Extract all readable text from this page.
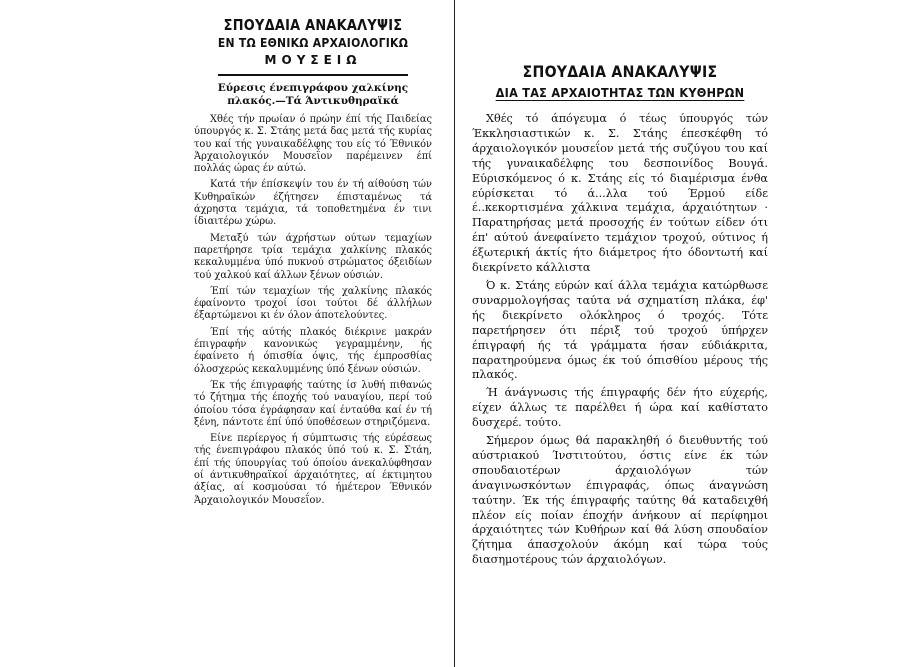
ΣΠΟΥΔΑΙΑ ΑΝΑΚΑΛΥΨΙΣ
ΕΝ ΤΩ ΕΘΝΙΚΩ ΑΡΧΑΙΟΛΟΓΙΚΩ
ΜΟΥΣΕΙΩ
Εύρεσις ένεπιγράφου χαλκίνης πλακός.—Τά Άντικυθηραϊκά

Χθές τήν πρωίαν ό πρώην έπί τής Παιδείας ύπουργός κ. Σ. Στάης μετά δας μετά τής κυρίας του καί τής γυναικαδέλφης του είς τό Έθνικόν Άρχαιολογικόν Μουσεΐον παρέμεινεν έπί πολλάς ώρας έν αύτώ.

Κατά τήν έπίσκεψίν του έν τή αίθούση τών Κυθηραϊκών έζήτησεν έπισταμένως τά άχρηστα τεμάχια, τά τοποθετημένα έν τινι ίδιαιτέρω χώρω.

Μεταξύ τών άχρήστων ούτων τεμαχίων παρετήρησε τρία τεμάχια χαλκίνης πλακός κεκαλυμμένα ύπό πυκνού στρώματος όξειδίων τού χαλκού καί άλλων ξένων ούσιών.

Έπί τών τεμαχίων τής χαλκίνης πλακός έφαίνοντο τροχοί ίσοι τούτοι δέ άλλήλων έξαρτώμενοι κι έν όλον άποτελούντες.

Έπί τής αύτής πλακός διέκρινε μακράν έπιγραφήν κανονικώς γεγραμμένην, ής έφαίνετο ή όπισθία όψις, τής έμπροσθίας όλοσχερώς κεκαλυμμένης ύπό ξένων ούσιών.

Έκ τής έπιγραφής ταύτης ίσ λυθή πιθανώς τό ζήτημα τής έποχής τού ναυαγίου, περί τού όποίου τόσα έγράφησαν καί ένταύθα καί έν τή ξένη, πάντοτε έπί ύπό ύποθέσεων στηριζόμενα.

Είνε περίεργος ή σύμπτωσις τής εύρέσεως τής ένεπιγράφου πλακός ύπό τού κ. Σ. Στάη, έπί τής ύπουργίας τού όποίου άνεκαλύφθησαν οί άντικυθηραϊκοί άρχαιότητες, αί έκτιμητου άξίας, αί κοσμούσαι τό ήμέτερον Έθνικόν Άρχαιολογικόν Μουσεΐον.

ΣΠΟΥΔΑΙΑ ΑΝΑΚΑΛΥΨΙΣ
ΔΙΑ ΤΑΣ ΑΡΧΑΙΟΤΗΤΑΣ ΤΩΝ ΚΥΘΗΡΩΝ

Χθές τό άπόγευμα ό τέως ύπουργός τών Έκκλησιαστικών κ. Σ. Στάης έπεσκέφθη τό άρχαιολογικόν μουσεΐον μετά τής συζύγου του καί τής γυναικαδέλφης του δεσποινίδος Βουγά. Εύρισκόμενος ό κ. Στάης είς τό διαμέρισμα ένθα εύρίσκεται τό ά...λλα τού Έρμού είδε έ..κεκορτισμένα χάλκινα τεμάχια, άρχαιότητων · Παρατηρήσας μετά προσοχής έν τούτων είδεν ότι έπ' αύτού άνεφαίνετο τεμάχιον τροχού, ούτινος ή έξωτερική άκτίς ήτο διάμετρος ήτο όδοντωτή καί διεκρίνετο κάλλιστα

Ό κ. Στάης εύρών καί άλλα τεμάχια κατώρθωσε συναρμολογήσας ταύτα νά σχηματίση πλάκα, έφ' ής διεκρίνετο ολόκληρος ό τροχός. Τότε παρετήρησεν ότι πέριξ τού τροχού ύπήρχεν έπιγραφή ής τά γράμματα ήσαν εύδιάκριτα, παρατηρούμενα όμως έκ τού όπισθίου μέρους τής πλακός.

Ή άνάγνωσις τής έπιγραφής δέν ήτο εύχερής, είχεν άλλως τε παρέλθει ή ώρα καί καθίστατο δυσχερέ. τούτο.

Σήμερον όμως θά παρακληθή ό διευθυντής τού αύστριακού Ίνστιτούτου, όστις είνε έκ τών σπουδαιοτέρων άρχαιολόγων τών άναγινωσκόντων έπιγραφάς, όπως άναγνώση ταύτην. Έκ τής έπιγραφής ταύτης θά καταδειχθή πλέον είς ποίαν έποχήν άνήκουν αί περίφημοι άρχαιότητες τών Κυθήρων καί θά λύση σπουδαίον ζήτημα άπασχολούν άκόμη καί τώρα τούς διασημοτέρους τών άρχαιολόγων.
